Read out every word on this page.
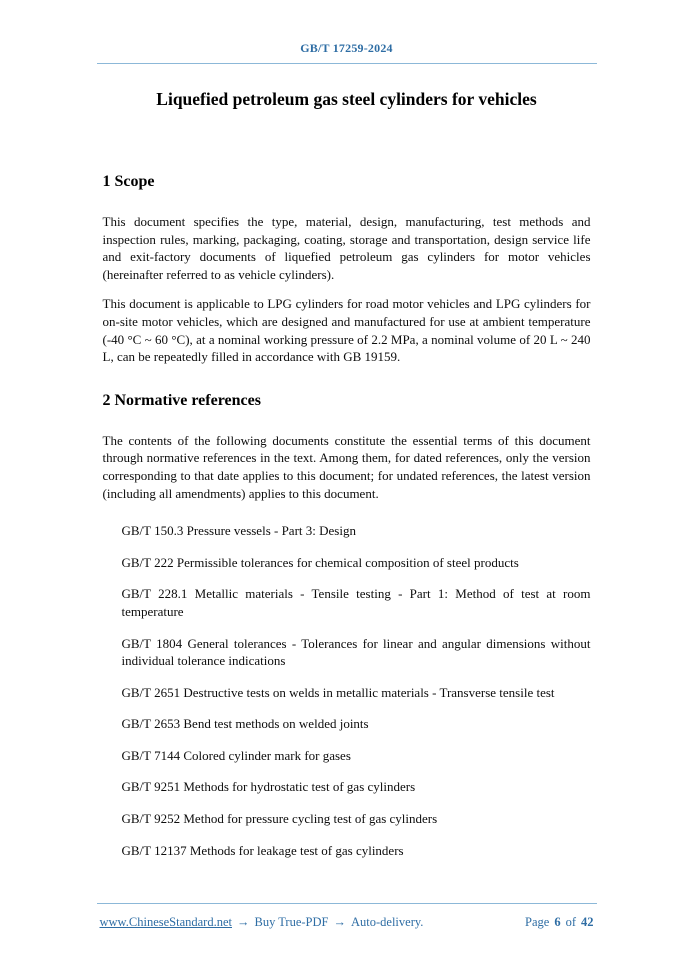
GB/T 17259-2024
Liquefied petroleum gas steel cylinders for vehicles
1 Scope

This document specifies the type, material, design, manufacturing, test methods and inspection rules, marking, packaging, coating, storage and transportation, design service life and exit-factory documents of liquefied petroleum gas cylinders for motor vehicles (hereinafter referred to as vehicle cylinders).

This document is applicable to LPG cylinders for road motor vehicles and LPG cylinders for on-site motor vehicles, which are designed and manufactured for use at ambient temperature (-40 °C ~ 60 °C), at a nominal working pressure of 2.2 MPa, a nominal volume of 20 L ~ 240 L, can be repeatedly filled in accordance with GB 19159.

2 Normative references

The contents of the following documents constitute the essential terms of this document through normative references in the text. Among them, for dated references, only the version corresponding to that date applies to this document; for undated references, the latest version (including all amendments) applies to this document.

GB/T 150.3 Pressure vessels - Part 3: Design

GB/T 222 Permissible tolerances for chemical composition of steel products

GB/T 228.1 Metallic materials - Tensile testing - Part 1: Method of test at room temperature

GB/T 1804 General tolerances - Tolerances for linear and angular dimensions without individual tolerance indications

GB/T 2651 Destructive tests on welds in metallic materials - Transverse tensile test

GB/T 2653 Bend test methods on welded joints

GB/T 7144 Colored cylinder mark for gases

GB/T 9251 Methods for hydrostatic test of gas cylinders

GB/T 9252 Method for pressure cycling test of gas cylinders

GB/T 12137 Methods for leakage test of gas cylinders

www.ChineseStandard.net → Buy True-PDF → Auto-delivery.	Page 6 of 42
